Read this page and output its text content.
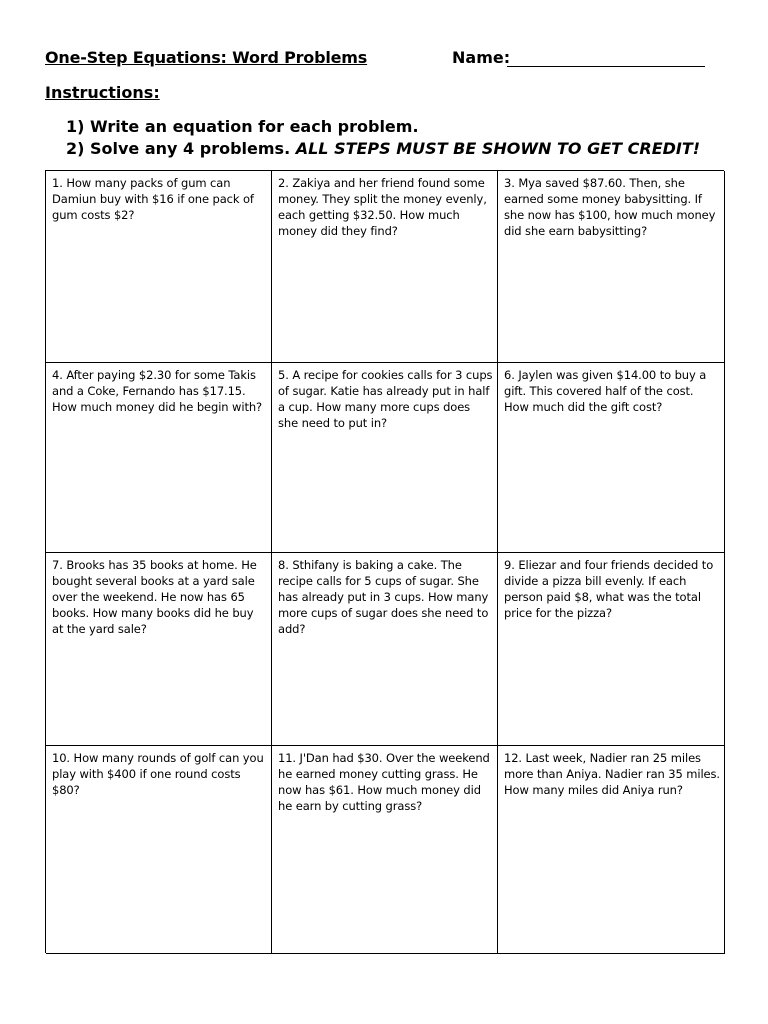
One-Step Equations: Word Problems	Name:
Instructions:
1) Write an equation for each problem.
2) Solve any 4 problems. ALL STEPS MUST BE SHOWN TO GET CREDIT!
1. How many packs of gum can Damiun buy with $16 if one pack of gum costs $2?
2. Zakiya and her friend found some money. They split the money evenly, each getting $32.50. How much money did they find?
3. Mya saved $87.60. Then, she earned some money babysitting. If she now has $100, how much money did she earn babysitting?
4. After paying $2.30 for some Takis and a Coke, Fernando has $17.15. How much money did he begin with?
5. A recipe for cookies calls for 3 cups of sugar. Katie has already put in half a cup. How many more cups does she need to put in?
6. Jaylen was given $14.00 to buy a gift. This covered half of the cost. How much did the gift cost?
7. Brooks has 35 books at home. He bought several books at a yard sale over the weekend. He now has 65 books. How many books did he buy at the yard sale?
8. Sthifany is baking a cake. The recipe calls for 5 cups of sugar. She has already put in 3 cups. How many more cups of sugar does she need to add?
9. Eliezar and four friends decided to divide a pizza bill evenly. If each person paid $8, what was the total price for the pizza?
10. How many rounds of golf can you play with $400 if one round costs $80?
11. J'Dan had $30. Over the weekend he earned money cutting grass. He now has $61. How much money did he earn by cutting grass?
12. Last week, Nadier ran 25 miles more than Aniya. Nadier ran 35 miles. How many miles did Aniya run?
